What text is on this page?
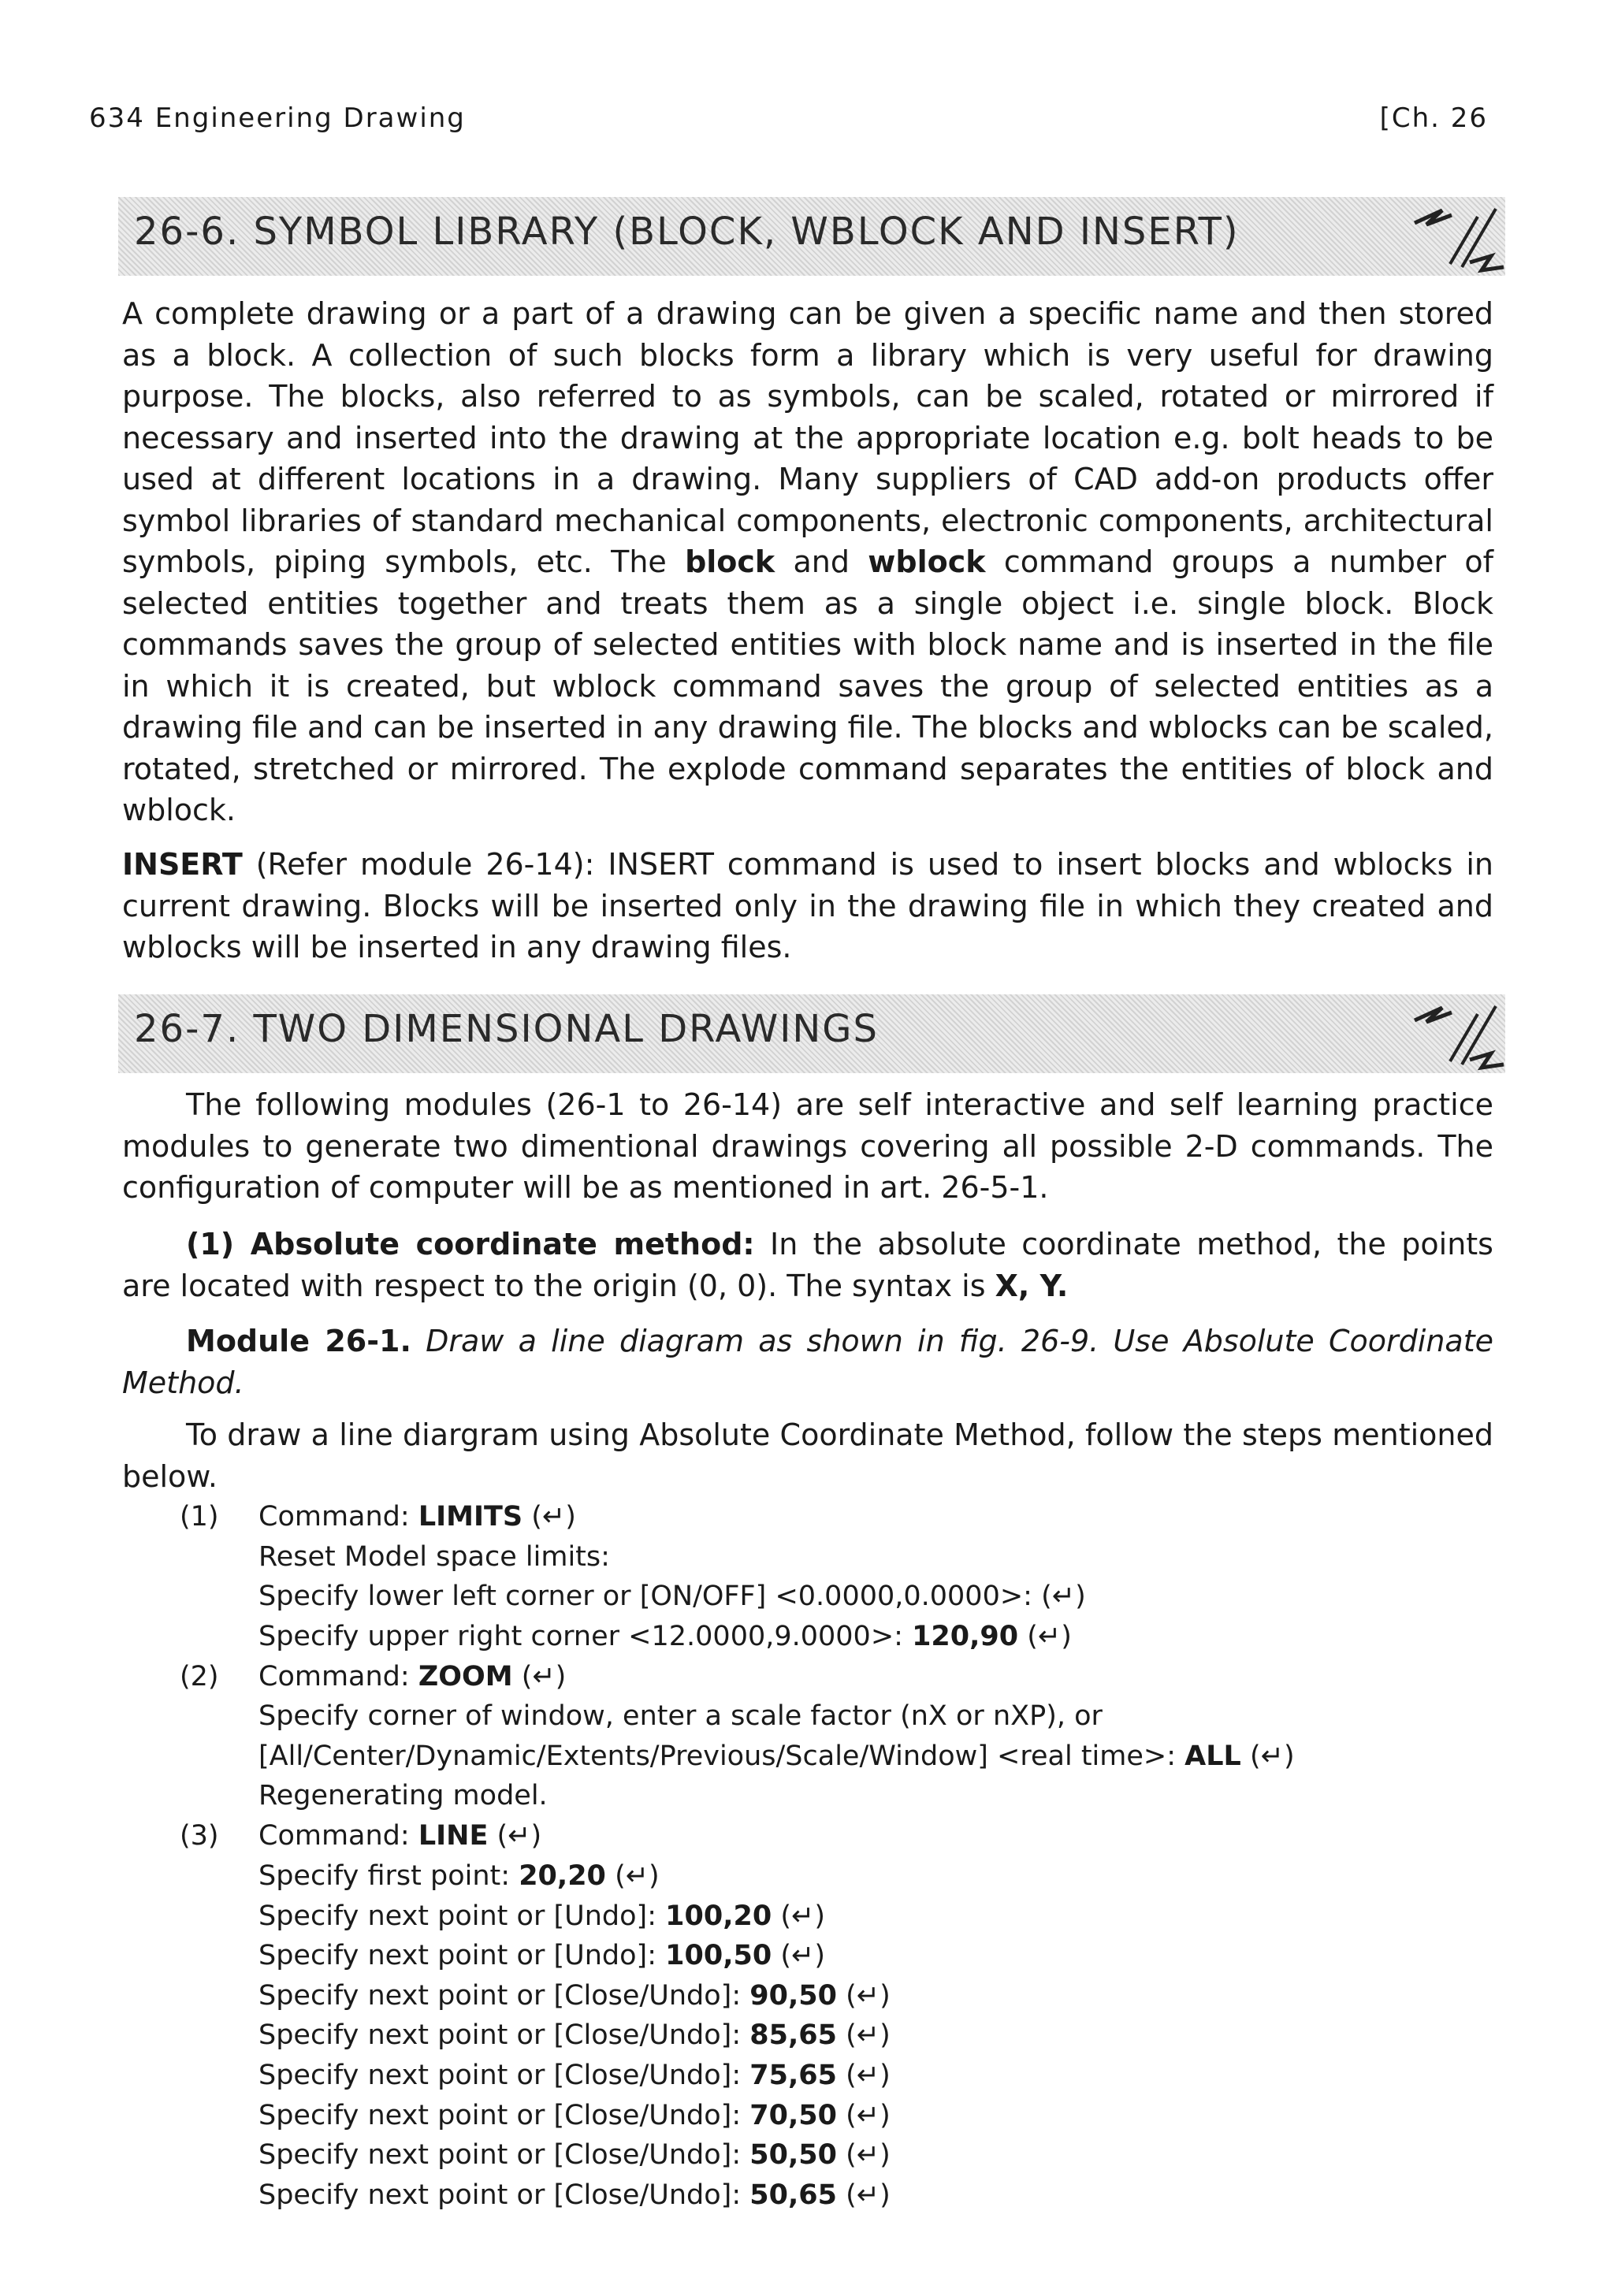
634 Engineering Drawing	[Ch. 26
26-6. SYMBOL LIBRARY (BLOCK, WBLOCK AND INSERT)

A complete drawing or a part of a drawing can be given a specific name and then stored as a block. A collection of such blocks form a library which is very useful for drawing purpose. The blocks, also referred to as symbols, can be scaled, rotated or mirrored if necessary and inserted into the drawing at the appropriate location e.g. bolt heads to be used at different locations in a drawing. Many suppliers of CAD add-on products offer symbol libraries of standard mechanical components, electronic components, architectural symbols, piping symbols, etc. The block and wblock command groups a number of selected entities together and treats them as a single object i.e. single block. Block commands saves the group of selected entities with block name and is inserted in the file in which it is created, but wblock command saves the group of selected entities as a drawing file and can be inserted in any drawing file. The blocks and wblocks can be scaled, rotated, stretched or mirrored. The explode command separates the entities of block and wblock.

INSERT (Refer module 26-14): INSERT command is used to insert blocks and wblocks in current drawing. Blocks will be inserted only in the drawing file in which they created and wblocks will be inserted in any drawing files.

26-7. TWO DIMENSIONAL DRAWINGS

The following modules (26-1 to 26-14) are self interactive and self learning practice modules to generate two dimentional drawings covering all possible 2-D commands. The configuration of computer will be as mentioned in art. 26-5-1.

(1) Absolute coordinate method: In the absolute coordinate method, the points are located with respect to the origin (0, 0). The syntax is X, Y.

Module 26-1. Draw a line diagram as shown in fig. 26-9. Use Absolute Coordinate Method.

To draw a line diargram using Absolute Coordinate Method, follow the steps mentioned below.

(1) Command: LIMITS (↵)
Reset Model space limits:
Specify lower left corner or [ON/OFF] <0.0000,0.0000>: (↵)
Specify upper right corner <12.0000,9.0000>: 120,90 (↵)
(2) Command: ZOOM (↵)
Specify corner of window, enter a scale factor (nX or nXP), or
[All/Center/Dynamic/Extents/Previous/Scale/Window] <real time>: ALL (↵)
Regenerating model.
(3) Command: LINE (↵)
Specify first point: 20,20 (↵)
Specify next point or [Undo]: 100,20 (↵)
Specify next point or [Undo]: 100,50 (↵)
Specify next point or [Close/Undo]: 90,50 (↵)
Specify next point or [Close/Undo]: 85,65 (↵)
Specify next point or [Close/Undo]: 75,65 (↵)
Specify next point or [Close/Undo]: 70,50 (↵)
Specify next point or [Close/Undo]: 50,50 (↵)
Specify next point or [Close/Undo]: 50,65 (↵)
